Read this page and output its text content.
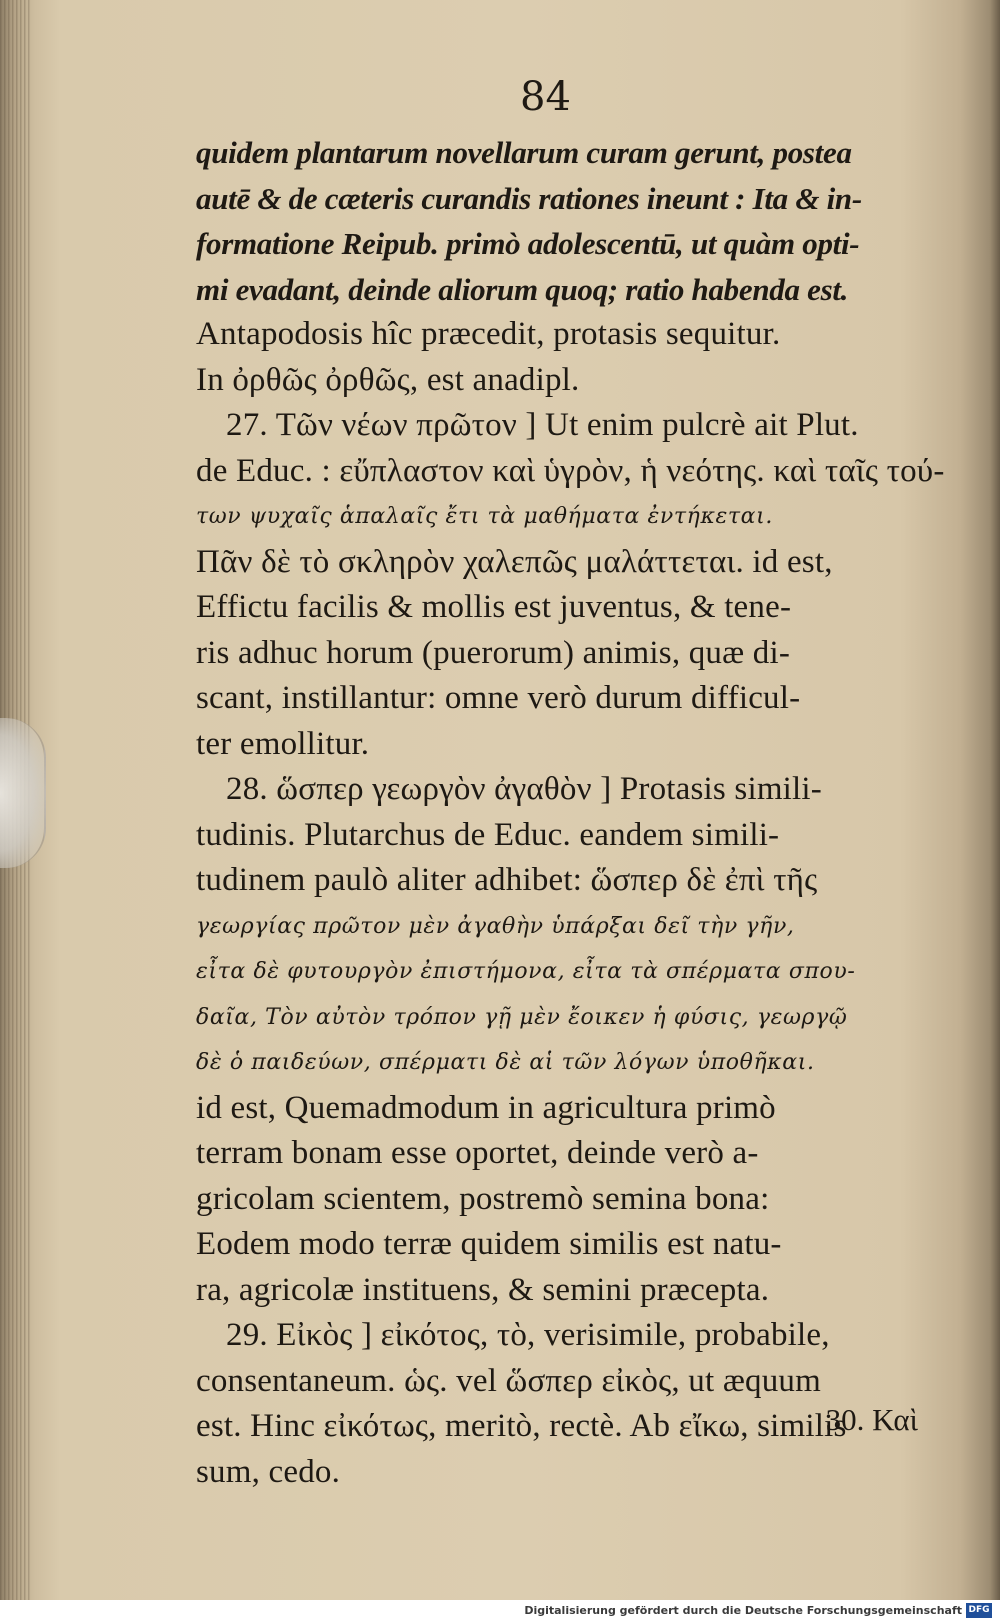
84
quidem plantarum novellarum curam gerunt, postea
autē & de cæteris curandis rationes ineunt : Ita & in-
formatione Reipub. primò adolescentū, ut quàm opti-
mi evadant, deinde aliorum quoq; ratio habenda est.
Antapodosis hîc præcedit, protasis sequitur.
In ὀρθῶς ὀρθῶς, est anadipl.
27. Τῶν νέων πρῶτον ] Ut enim pulcrè ait Plut.
de Educ. : εὔπλαστον καὶ ὑγρὸν, ἡ νεότης. καὶ ταῖς τού-
των ψυχαῖς ἁπαλαῖς ἔτι τὰ μαθήματα ἐντήκεται.
Πᾶν δὲ τὸ σκληρὸν χαλεπῶς μαλάττεται. id est,
Effictu facilis & mollis est juventus, & tene-
ris adhuc horum (puerorum) animis, quæ di-
scant, instillantur: omne verò durum difficul-
ter emollitur.
28. ὥσπερ γεωργὸν ἀγαθὸν ] Protasis simili-
tudinis. Plutarchus de Educ. eandem simili-
tudinem paulò aliter adhibet: ὥσπερ δὲ ἐπὶ τῆς
γεωργίας πρῶτον μὲν ἀγαθὴν ὑπάρξαι δεῖ τὴν γῆν,
εἶτα δὲ φυτουργὸν ἐπιστήμονα, εἶτα τὰ σπέρματα σπου-
δαῖα, Τὸν αὐτὸν τρόπον γῇ μὲν ἔοικεν ἡ φύσις, γεωργῷ
δὲ ὁ παιδεύων, σπέρματι δὲ αἱ τῶν λόγων ὑποθῆκαι.
id est, Quemadmodum in agricultura primò
terram bonam esse oportet, deinde verò a-
gricolam scientem, postremò semina bona:
Eodem modo terræ quidem similis est natu-
ra, agricolæ instituens, & semini præcepta.
29. Εἰκὸς ] εἰκότος, τὸ, verisimile, probabile,
consentaneum. ὡς. vel ὥσπερ εἰκὸς, ut æquum
est. Hinc εἰκότως, meritò, rectè. Ab εἴκω, similis
sum, cedo.
30. Καὶ
Digitalisierung gefördert durch die Deutsche Forschungsgemeinschaft DFG
